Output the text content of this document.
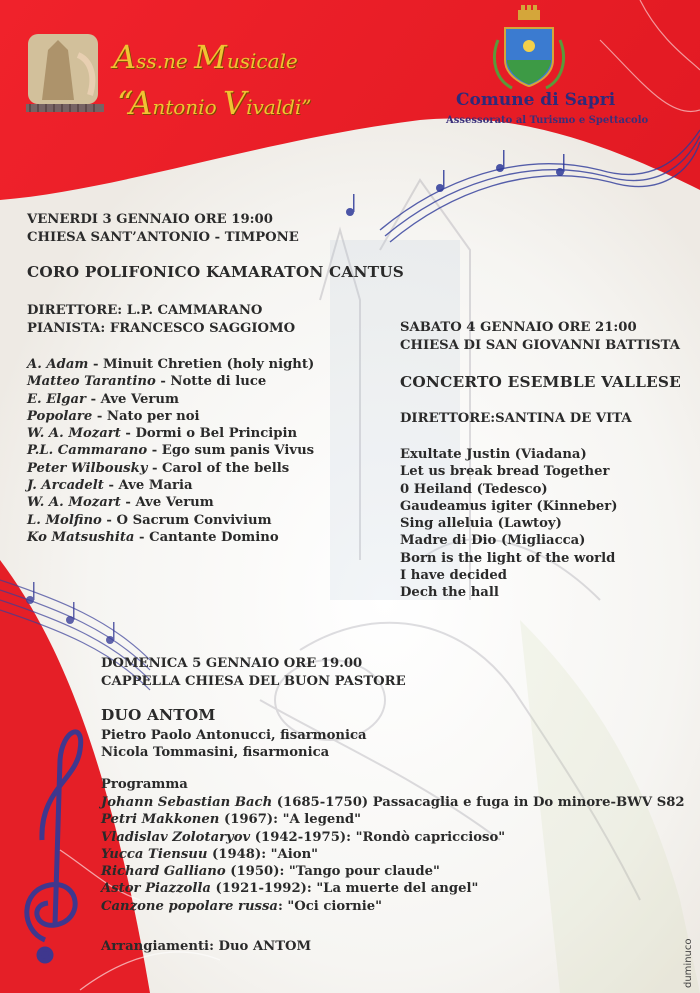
Ass.ne Musicale
“Antonio Vivaldi”	Comune di Sapri
Assessorato al Turismo e Spettacolo
VENERDI 3 GENNAIO ORE 19:00
CHIESA SANT’ANTONIO - TIMPONE
CORO POLIFONICO KAMARATON CANTUS
DIRETTORE: L.P. CAMMARANO
PIANISTA: FRANCESCO SAGGIOMO
A. Adam - Minuit Chretien (holy night)
Matteo Tarantino - Notte di luce
E. Elgar - Ave Verum
Popolare - Nato per noi
W. A. Mozart - Dormi o Bel Principin
P.L. Cammarano - Ego sum panis Vivus
Peter Wilbousky - Carol of the bells
J. Arcadelt - Ave Maria
W. A. Mozart - Ave Verum
L. Molfino - O Sacrum Convivium
Ko Matsushita - Cantante Domino
SABATO 4 GENNAIO ORE 21:00
CHIESA DI SAN GIOVANNI BATTISTA
CONCERTO ESEMBLE VALLESE
DIRETTORE:SANTINA DE VITA
Exultate Justin (Viadana)
Let us break bread Together
0 Heiland (Tedesco)
Gaudeamus igiter (Kinneber)
Sing alleluia (Lawtoy)
Madre di Dio (Migliacca)
Born is the light of the world
I have decided
Dech the hall
DOMENICA 5 GENNAIO ORE 19.00
CAPPELLA CHIESA DEL BUON PASTORE
DUO ANTOM
Pietro Paolo Antonucci, fisarmonica
Nicola Tommasini, fisarmonica
Programma
Johann Sebastian Bach (1685-1750) Passacaglia e fuga in Do minore-BWV S82
Petri Makkonen (1967): "A legend"
Vladislav Zolotaryov (1942-1975): "Rondò capriccioso"
Yucca Tiensuu (1948): "Aion"
Richard Galliano (1950): "Tango pour claude"
Astor Piazzolla (1921-1992): "La muerte del angel"
Canzone popolare russa: "Oci ciornie"
Arrangiamenti: Duo ANTOM	duminuco
